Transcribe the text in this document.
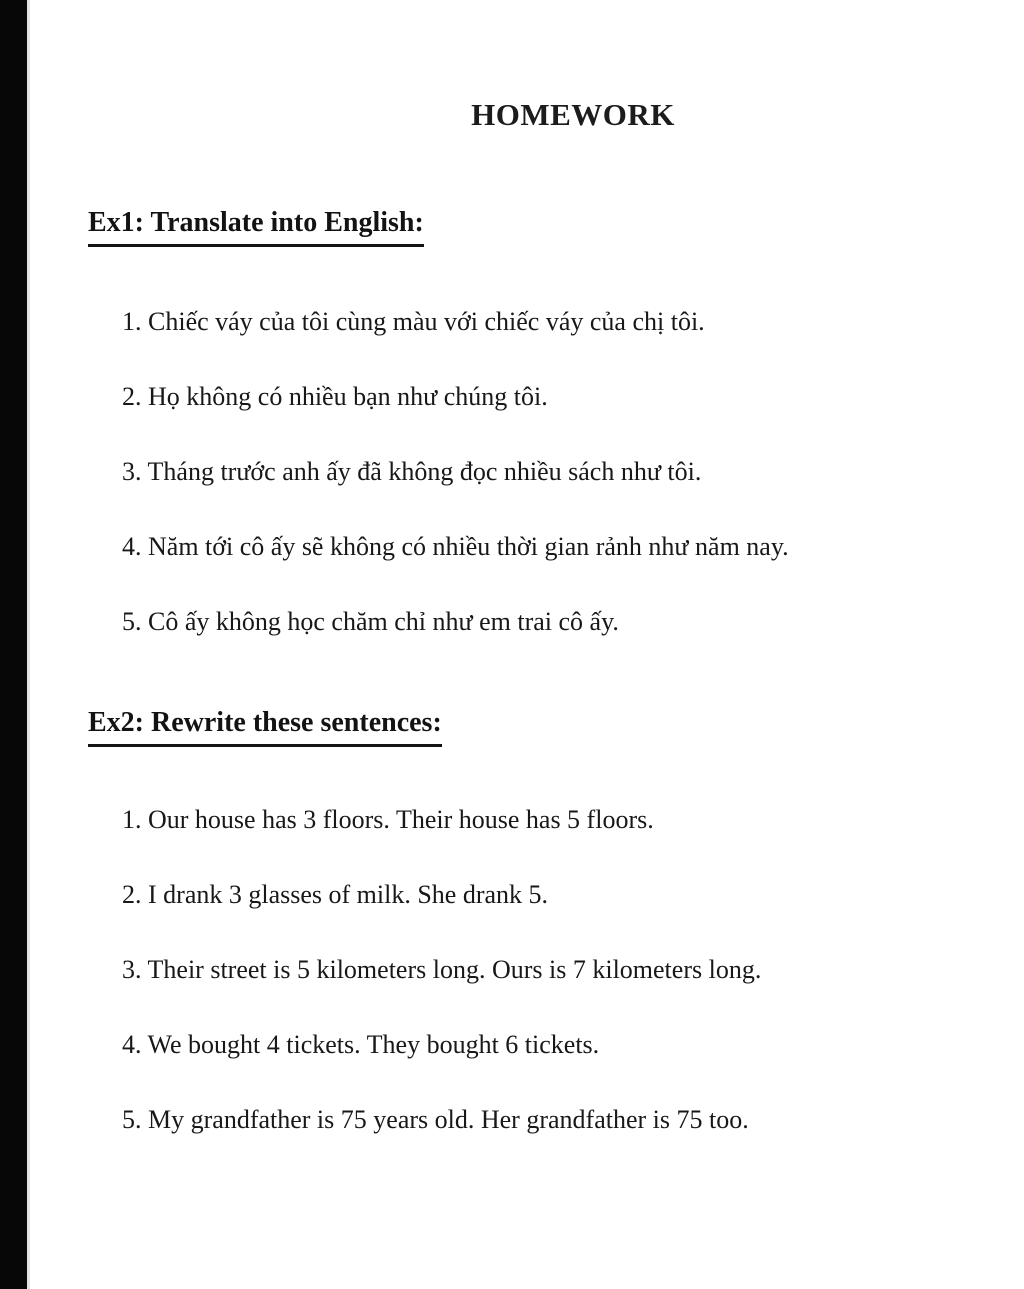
HOMEWORK
Ex1: Translate into English:
1. Chiếc váy của tôi cùng màu với chiếc váy của chị tôi.
2. Họ không có nhiều bạn như chúng tôi.
3. Tháng trước anh ấy đã không đọc nhiều sách như tôi.
4. Năm tới cô ấy sẽ không có nhiều thời gian rảnh như năm nay.
5. Cô ấy không học chăm chỉ như em trai cô ấy.
Ex2: Rewrite these sentences:
1. Our house has 3 floors. Their house has 5 floors.
2. I drank 3 glasses of milk. She drank 5.
3. Their street is 5 kilometers long. Ours is 7 kilometers long.
4. We bought 4 tickets. They bought 6 tickets.
5. My grandfather is 75 years old. Her grandfather is 75 too.
